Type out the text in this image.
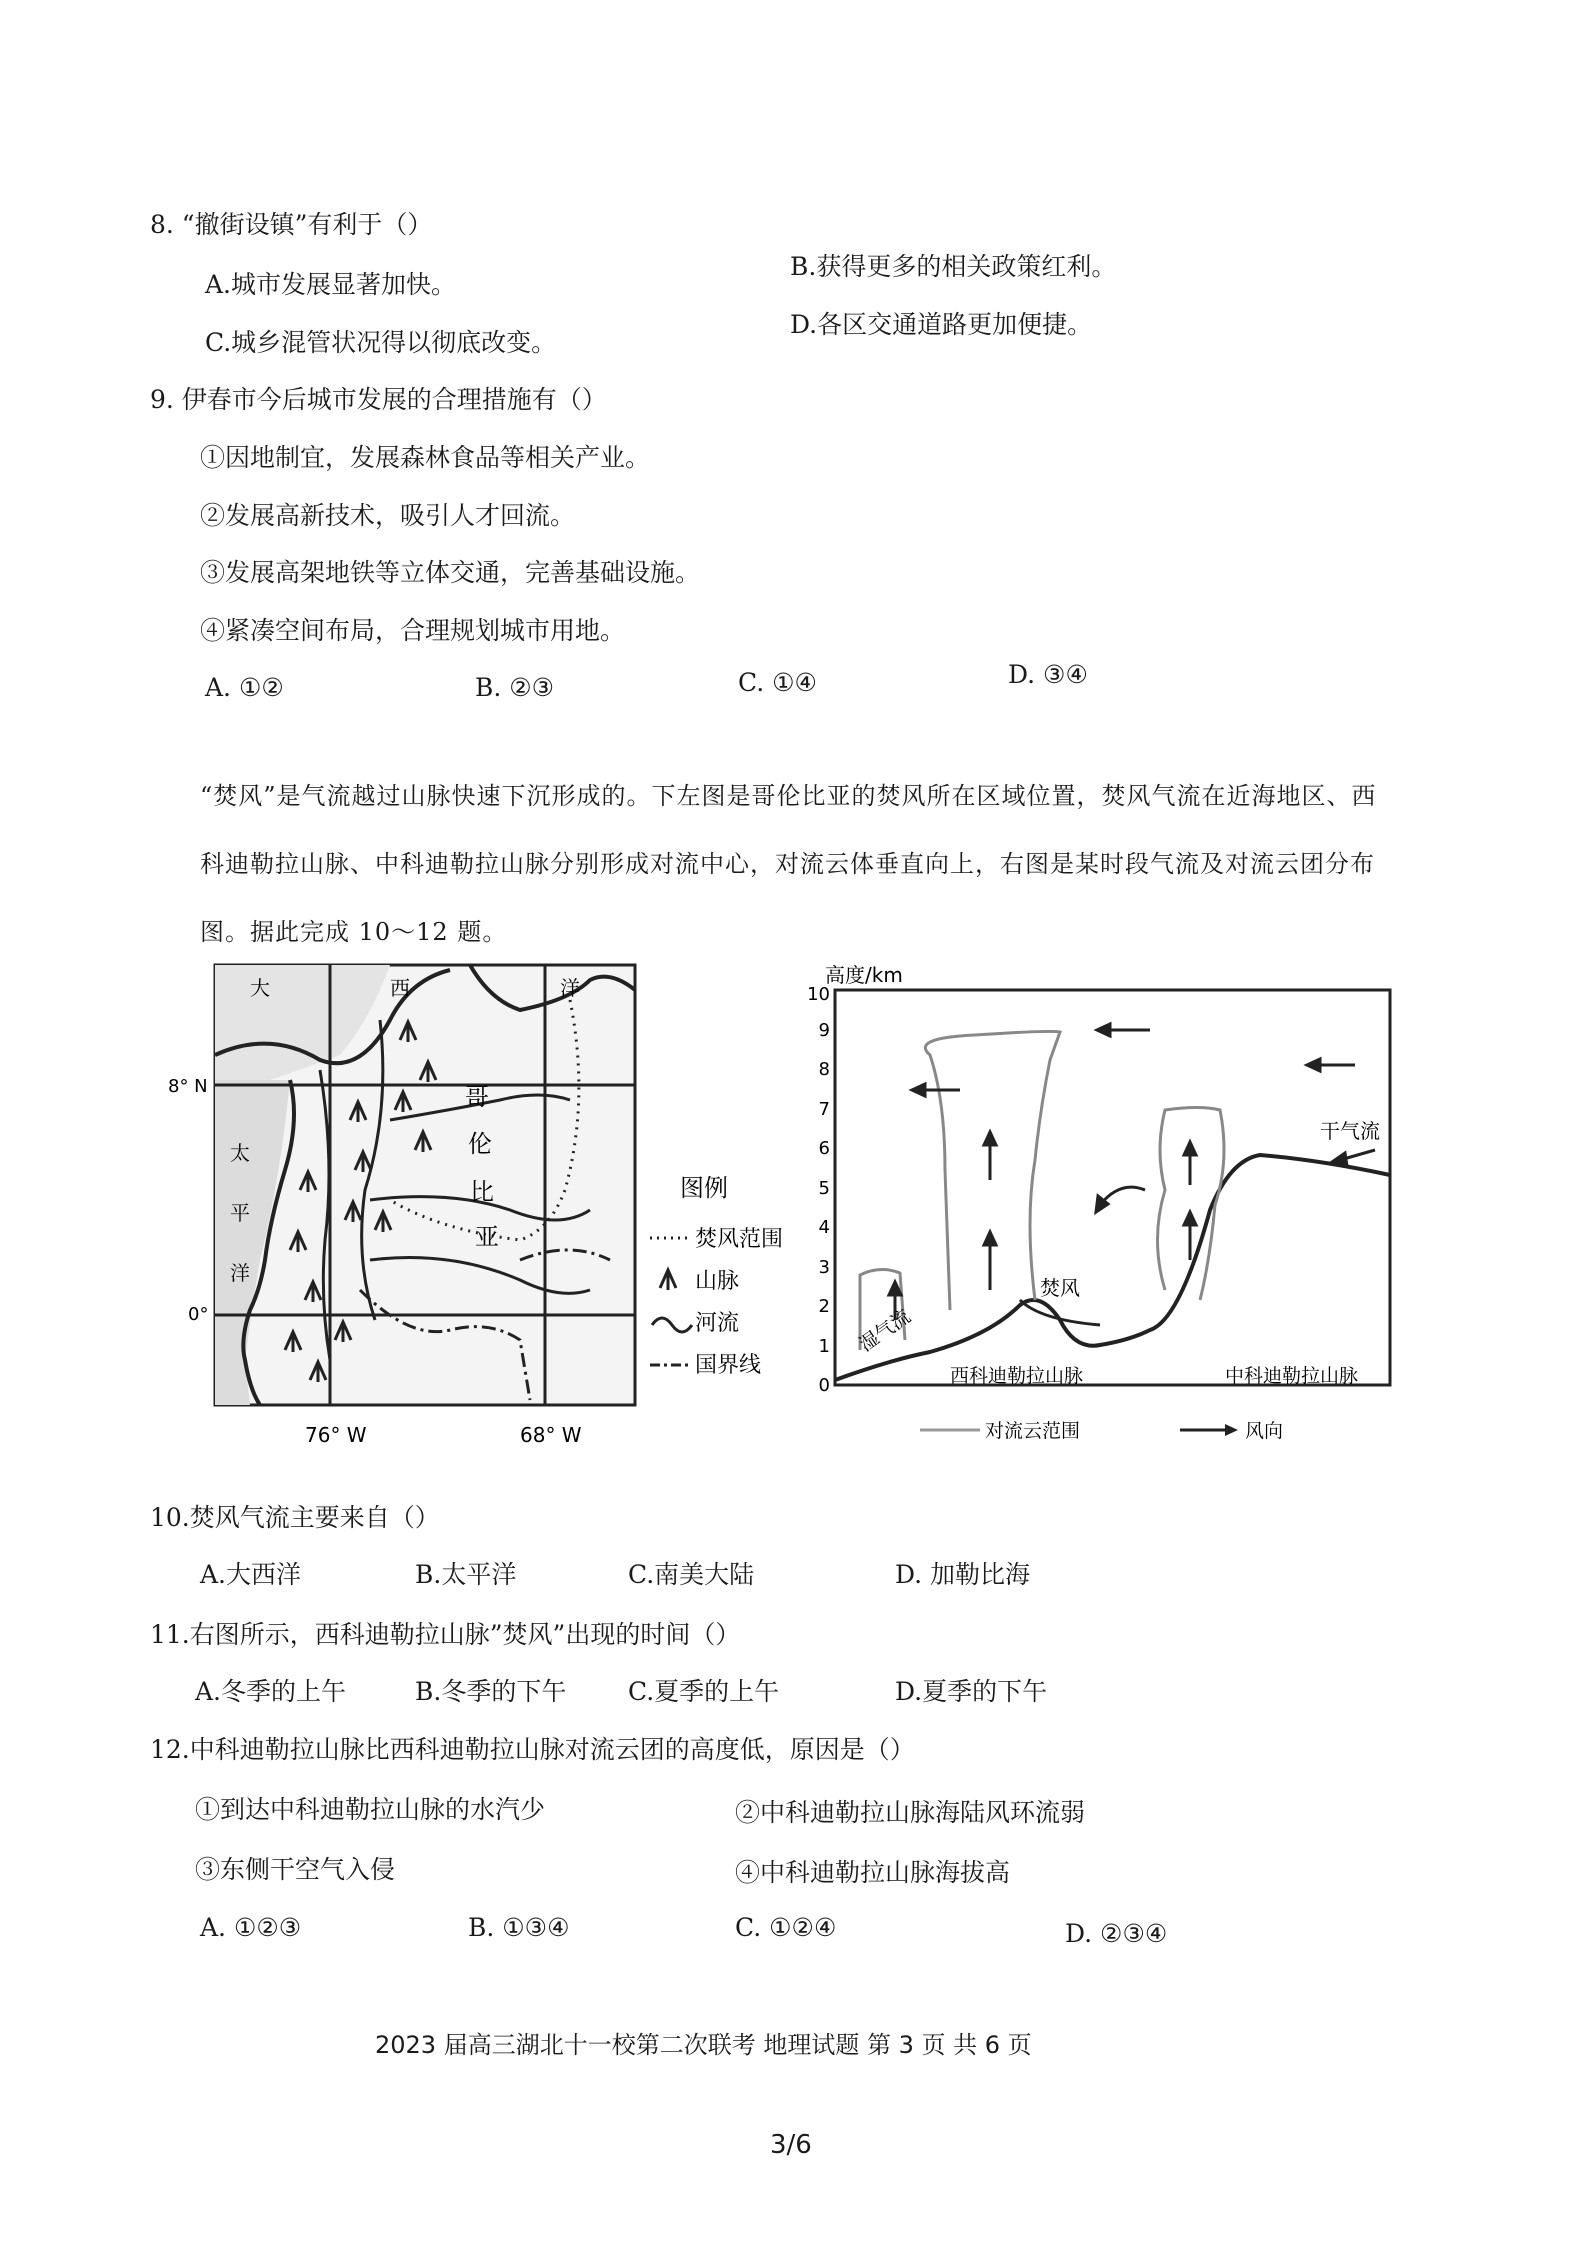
8. “撤街设镇”有利于（）
A.城市发展显著加快。
B.获得更多的相关政策红利。
C.城乡混管状况得以彻底改变。
D.各区交通道路更加便捷。
9. 伊春市今后城市发展的合理措施有（）
①因地制宜，发展森林食品等相关产业。
②发展高新技术，吸引人才回流。
③发展高架地铁等立体交通，完善基础设施。
④紧凑空间布局，合理规划城市用地。
A. ①②	B. ②③	C. ①④	D. ③④
“焚风”是气流越过山脉快速下沉形成的。下左图是哥伦比亚的焚风所在区域位置，焚风气流在近海地区、西科迪勒拉山脉、中科迪勒拉山脉分别形成对流中心，对流云体垂直向上，右图是某时段气流及对流云团分布图。据此完成 10～12 题。
大	西	洋
哥
伦
比
亚
太
平
洋
8° N
0°
76° W	68° W
图例
焚风范围
山脉
河流
国界线
高度/km
0
1
2
3
4
5
6
7
8
9
10
湿气流
干气流
焚风
西科迪勒拉山脉	中科迪勒拉山脉
对流云范围	风向
10.焚风气流主要来自（）
A.大西洋	B.太平洋	C.南美大陆	D. 加勒比海
11.右图所示，西科迪勒拉山脉”焚风”出现的时间（）
A.冬季的上午	B.冬季的下午 C.夏季的上午	D.夏季的下午
12.中科迪勒拉山脉比西科迪勒拉山脉对流云团的高度低，原因是（）
①到达中科迪勒拉山脉的水汽少	②中科迪勒拉山脉海陆风环流弱
③东侧干空气入侵	④中科迪勒拉山脉海拔高
A. ①②③	B. ①③④	C. ①②④	D. ②③④
2023 届高三湖北十一校第二次联考 地理试题 第 3 页 共 6 页
3/6
